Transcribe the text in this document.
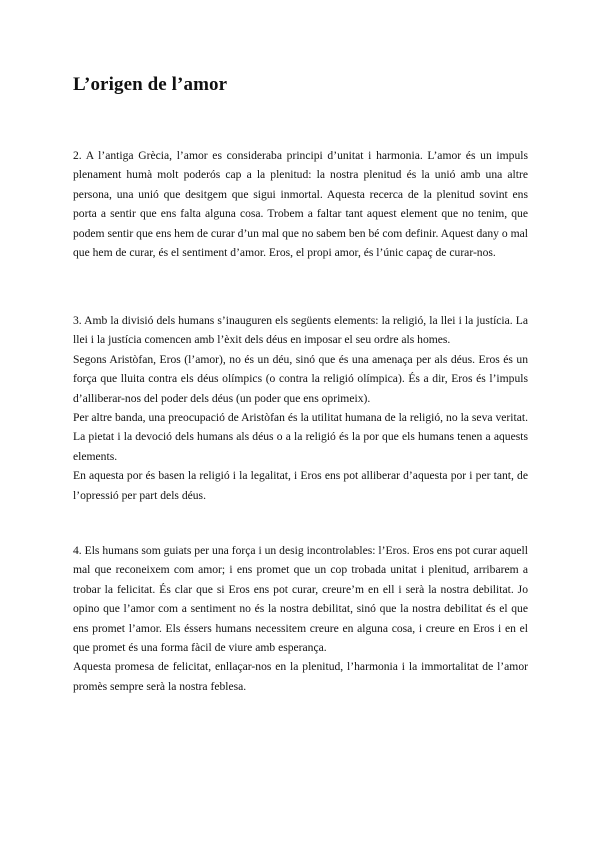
L’origen de l’amor

2. A l’antiga Grècia, l’amor es consideraba principi d’unitat i harmonia. L’amor és un impuls plenament humà molt poderós cap a la plenitud: la nostra plenitud és la unió amb una altre persona, una unió que desitgem que sigui inmortal. Aquesta recerca de la plenitud sovint ens porta a sentir que ens falta alguna cosa. Trobem a faltar tant aquest element que no tenim, que podem sentir que ens hem de curar d’un mal que no sabem ben bé com definir. Aquest dany o mal que hem de curar, és el sentiment d’amor. Eros, el propi amor, és l’únic capaç de curar-nos.

3. Amb la divisió dels humans s’inauguren els següents elements: la religió, la llei i la justícia. La llei i la justícia comencen amb l’èxit dels déus en imposar el seu ordre als homes.

Segons Aristòfan, Eros (l’amor), no és un déu, sinó que és una amenaça per als déus. Eros és un força que lluita contra els déus olímpics (o contra la religió olímpica). És a dir, Eros és l’impuls d’alliberar-nos del poder dels déus (un poder que ens oprimeix).

Per altre banda, una preocupació de Aristòfan és la utilitat humana de la religió, no la seva veritat. La pietat i la devoció dels humans als déus o a la religió és la por que els humans tenen a aquests elements.

En aquesta por és basen la religió i la legalitat, i Eros ens pot alliberar d’aquesta por i per tant, de l’opressió per part dels déus.

4. Els humans som guiats per una força i un desig incontrolables: l’Eros. Eros ens pot curar aquell mal que reconeixem com amor; i ens promet que un cop trobada unitat i plenitud, arribarem a trobar la felicitat. És clar que si Eros ens pot curar, creure’m en ell i serà la nostra debilitat. Jo opino que l’amor com a sentiment no és la nostra debilitat, sinó que la nostra debilitat és el que ens promet l’amor. Els éssers humans necessitem creure en alguna cosa, i creure en Eros i en el que promet és una forma fàcil de viure amb esperança.

Aquesta promesa de felicitat, enllaçar-nos en la plenitud, l’harmonia i la immortalitat de l’amor promès sempre serà la nostra feblesa.
